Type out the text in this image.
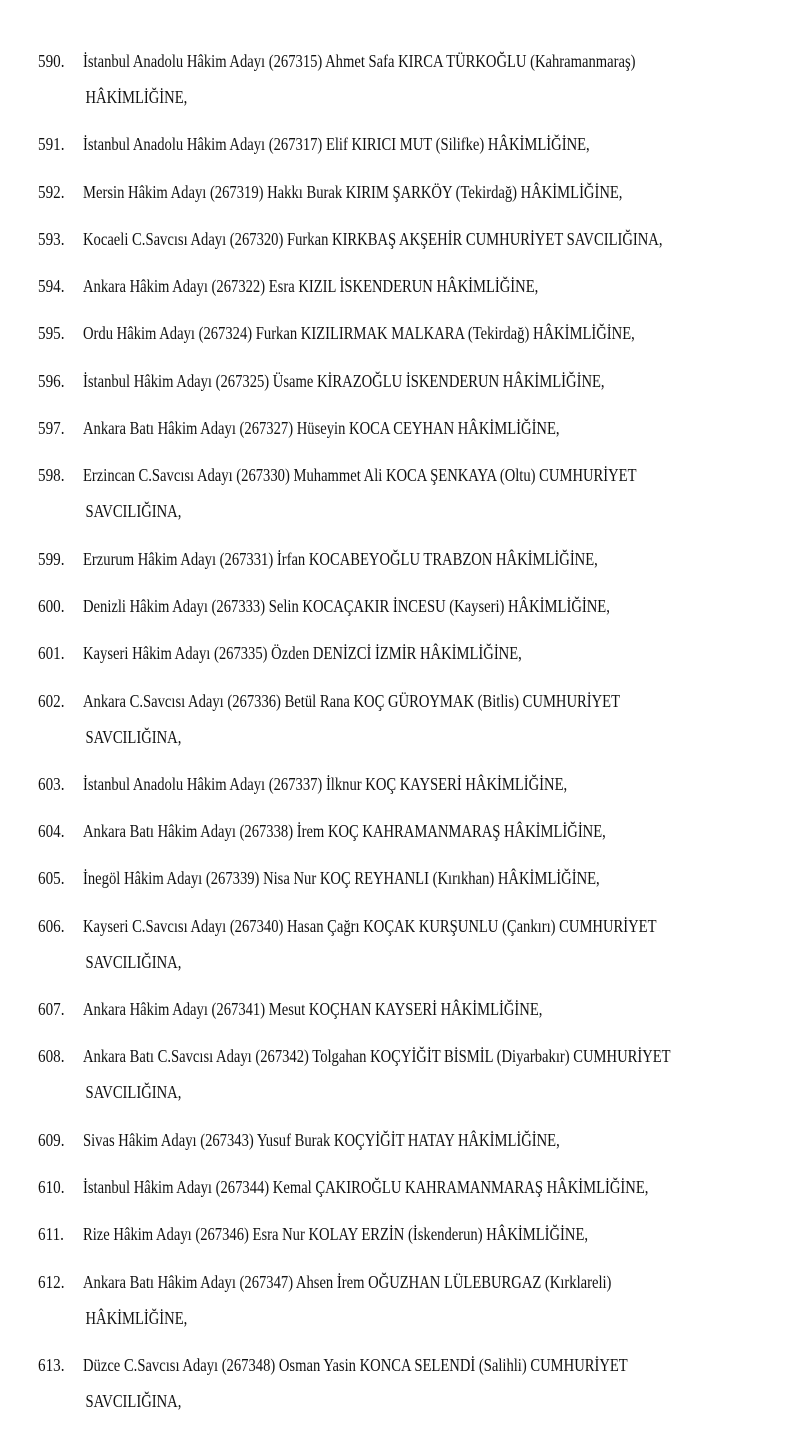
590.	İstanbul Anadolu Hâkim Adayı (267315) Ahmet Safa KIRCA TÜRKOĞLU (Kahramanmaraş)
HÂKİMLİĞİNE,
591.	İstanbul Anadolu Hâkim Adayı (267317) Elif KIRICI MUT (Silifke) HÂKİMLİĞİNE,
592.	Mersin Hâkim Adayı (267319) Hakkı Burak KIRIM ŞARKÖY (Tekirdağ) HÂKİMLİĞİNE,
593.	Kocaeli C.Savcısı Adayı (267320) Furkan KIRKBAŞ AKŞEHİR CUMHURİYET SAVCILIĞINA,
594.	Ankara Hâkim Adayı (267322) Esra KIZIL İSKENDERUN HÂKİMLİĞİNE,
595.	Ordu Hâkim Adayı (267324) Furkan KIZILIRMAK MALKARA (Tekirdağ) HÂKİMLİĞİNE,
596.	İstanbul Hâkim Adayı (267325) Üsame KİRAZOĞLU İSKENDERUN HÂKİMLİĞİNE,
597.	Ankara Batı Hâkim Adayı (267327) Hüseyin KOCA CEYHAN HÂKİMLİĞİNE,
598.	Erzincan C.Savcısı Adayı (267330) Muhammet Ali KOCA ŞENKAYA (Oltu) CUMHURİYET
SAVCILIĞINA,
599.	Erzurum Hâkim Adayı (267331) İrfan KOCABEYOĞLU TRABZON HÂKİMLİĞİNE,
600.	Denizli Hâkim Adayı (267333) Selin KOCAÇAKIR İNCESU (Kayseri) HÂKİMLİĞİNE,
601.	Kayseri Hâkim Adayı (267335) Özden DENİZCİ İZMİR HÂKİMLİĞİNE,
602.	Ankara C.Savcısı Adayı (267336) Betül Rana KOÇ GÜROYMAK (Bitlis) CUMHURİYET
SAVCILIĞINA,
603.	İstanbul Anadolu Hâkim Adayı (267337) İlknur KOÇ KAYSERİ HÂKİMLİĞİNE,
604.	Ankara Batı Hâkim Adayı (267338) İrem KOÇ KAHRAMANMARAŞ HÂKİMLİĞİNE,
605.	İnegöl Hâkim Adayı (267339) Nisa Nur KOÇ REYHANLI (Kırıkhan) HÂKİMLİĞİNE,
606.	Kayseri C.Savcısı Adayı (267340) Hasan Çağrı KOÇAK KURŞUNLU (Çankırı) CUMHURİYET
SAVCILIĞINA,
607.	Ankara Hâkim Adayı (267341) Mesut KOÇHAN KAYSERİ HÂKİMLİĞİNE,
608.	Ankara Batı C.Savcısı Adayı (267342) Tolgahan KOÇYİĞİT BİSMİL (Diyarbakır) CUMHURİYET
SAVCILIĞINA,
609.	Sivas Hâkim Adayı (267343) Yusuf Burak KOÇYİĞİT HATAY HÂKİMLİĞİNE,
610.	İstanbul Hâkim Adayı (267344) Kemal ÇAKIROĞLU KAHRAMANMARAŞ HÂKİMLİĞİNE,
611.	Rize Hâkim Adayı (267346) Esra Nur KOLAY ERZİN (İskenderun) HÂKİMLİĞİNE,
612.	Ankara Batı Hâkim Adayı (267347) Ahsen İrem OĞUZHAN LÜLEBURGAZ (Kırklareli)
HÂKİMLİĞİNE,
613.	Düzce C.Savcısı Adayı (267348) Osman Yasin KONCA SELENDİ (Salihli) CUMHURİYET
SAVCILIĞINA,
